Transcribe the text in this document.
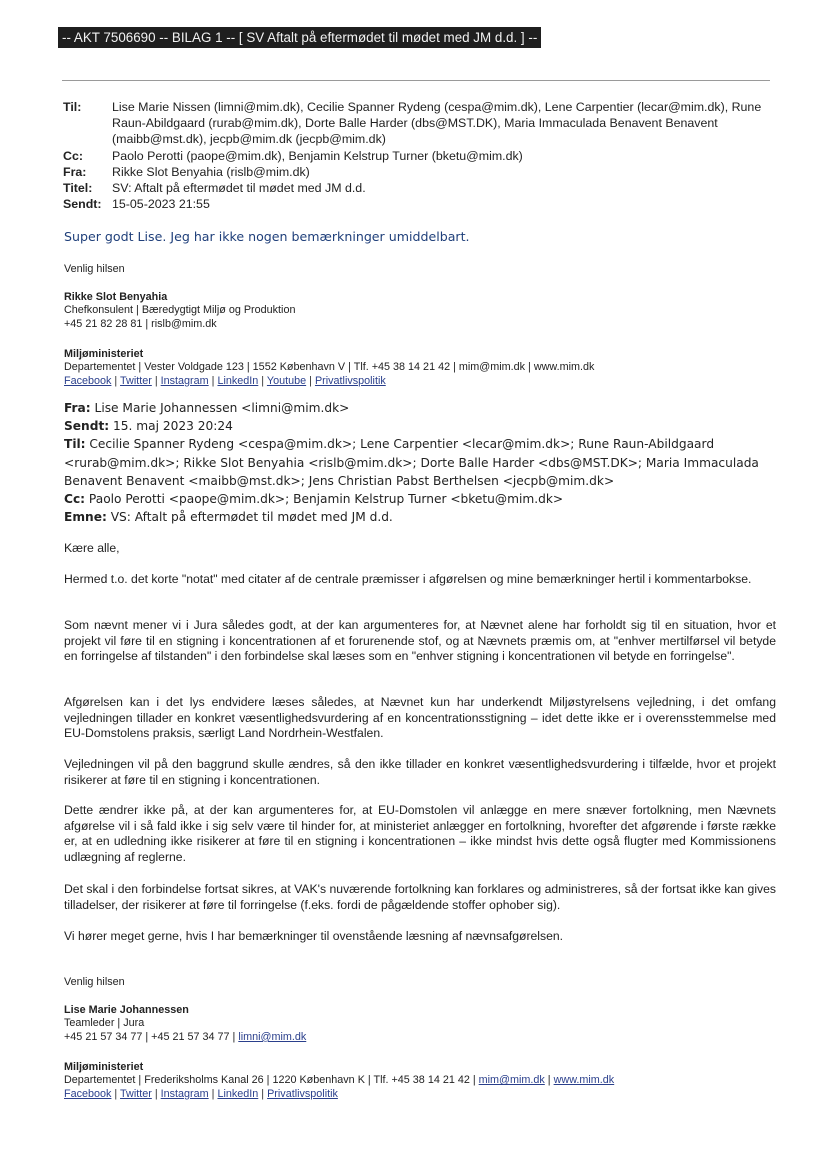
-- AKT 7506690 -- BILAG 1 -- [ SV Aftalt på eftermødet til mødet med JM d.d. ] --
Til:	Lise Marie Nissen (limni@mim.dk), Cecilie Spanner Rydeng (cespa@mim.dk), Lene Carpentier (lecar@mim.dk), Rune Raun-Abildgaard (rurab@mim.dk), Dorte Balle Harder (dbs@MST.DK), Maria Immaculada Benavent Benavent (maibb@mst.dk), jecpb@mim.dk (jecpb@mim.dk)
Cc:	Paolo Perotti (paope@mim.dk), Benjamin Kelstrup Turner (bketu@mim.dk)
Fra:	Rikke Slot Benyahia (rislb@mim.dk)
Titel:	SV: Aftalt på eftermødet til mødet med JM d.d.
Sendt: 15-05-2023 21:55
Super godt Lise. Jeg har ikke nogen bemærkninger umiddelbart.
Venlig hilsen
Rikke Slot Benyahia
Chefkonsulent | Bæredygtigt Miljø og Produktion
+45 21 82 28 81 | rislb@mim.dk
Miljøministeriet
Departementet | Vester Voldgade 123 | 1552 København V | Tlf. +45 38 14 21 42 | mim@mim.dk | www.mim.dk
Facebook | Twitter | Instagram | LinkedIn | Youtube | Privatlivspolitik
Fra: Lise Marie Johannessen <limni@mim.dk>
Sendt: 15. maj 2023 20:24
Til: Cecilie Spanner Rydeng <cespa@mim.dk>; Lene Carpentier <lecar@mim.dk>; Rune Raun-Abildgaard <rurab@mim.dk>; Rikke Slot Benyahia <rislb@mim.dk>; Dorte Balle Harder <dbs@MST.DK>; Maria Immaculada Benavent Benavent <maibb@mst.dk>; Jens Christian Pabst Berthelsen <jecpb@mim.dk>
Cc: Paolo Perotti <paope@mim.dk>; Benjamin Kelstrup Turner <bketu@mim.dk>
Emne: VS: Aftalt på eftermødet til mødet med JM d.d.

Kære alle,

Hermed t.o. det korte "notat" med citater af de centrale præmisser i afgørelsen og mine bemærkninger hertil i kommentarbokse.

Som nævnt mener vi i Jura således godt, at der kan argumenteres for, at Nævnet alene har forholdt sig til en situation, hvor et projekt vil føre til en stigning i koncentrationen af et forurenende stof, og at Nævnets præmis om, at "enhver mertilførsel vil betyde en forringelse af tilstanden" i den forbindelse skal læses som en "enhver stigning i koncentrationen vil betyde en forringelse".

Afgørelsen kan i det lys endvidere læses således, at Nævnet kun har underkendt Miljøstyrelsens vejledning, i det omfang vejledningen tillader en konkret væsentlighedsvurdering af en koncentrationsstigning – idet dette ikke er i overensstemmelse med EU-Domstolens praksis, særligt Land Nordrhein-Westfalen.

Vejledningen vil på den baggrund skulle ændres, så den ikke tillader en konkret væsentlighedsvurdering i tilfælde, hvor et projekt risikerer at føre til en stigning i koncentrationen.

Dette ændrer ikke på, at der kan argumenteres for, at EU-Domstolen vil anlægge en mere snæver fortolkning, men Nævnets afgørelse vil i så fald ikke i sig selv være til hinder for, at ministeriet anlægger en fortolkning, hvorefter det afgørende i første række er, at en udledning ikke risikerer at føre til en stigning i koncentrationen – ikke mindst hvis dette også flugter med Kommissionens udlægning af reglerne.

Det skal i den forbindelse fortsat sikres, at VAK's nuværende fortolkning kan forklares og administreres, så der fortsat ikke kan gives tilladelser, der risikerer at føre til forringelse (f.eks. fordi de pågældende stoffer ophober sig).

Vi hører meget gerne, hvis I har bemærkninger til ovenstående læsning af nævnsafgørelsen.

Venlig hilsen
Lise Marie Johannessen
Teamleder | Jura
+45 21 57 34 77 | +45 21 57 34 77 | limni@mim.dk
Miljøministeriet
Departementet | Frederiksholms Kanal 26 | 1220 København K | Tlf. +45 38 14 21 42 | mim@mim.dk | www.mim.dk
Facebook | Twitter | Instagram | LinkedIn | Privatlivspolitik
